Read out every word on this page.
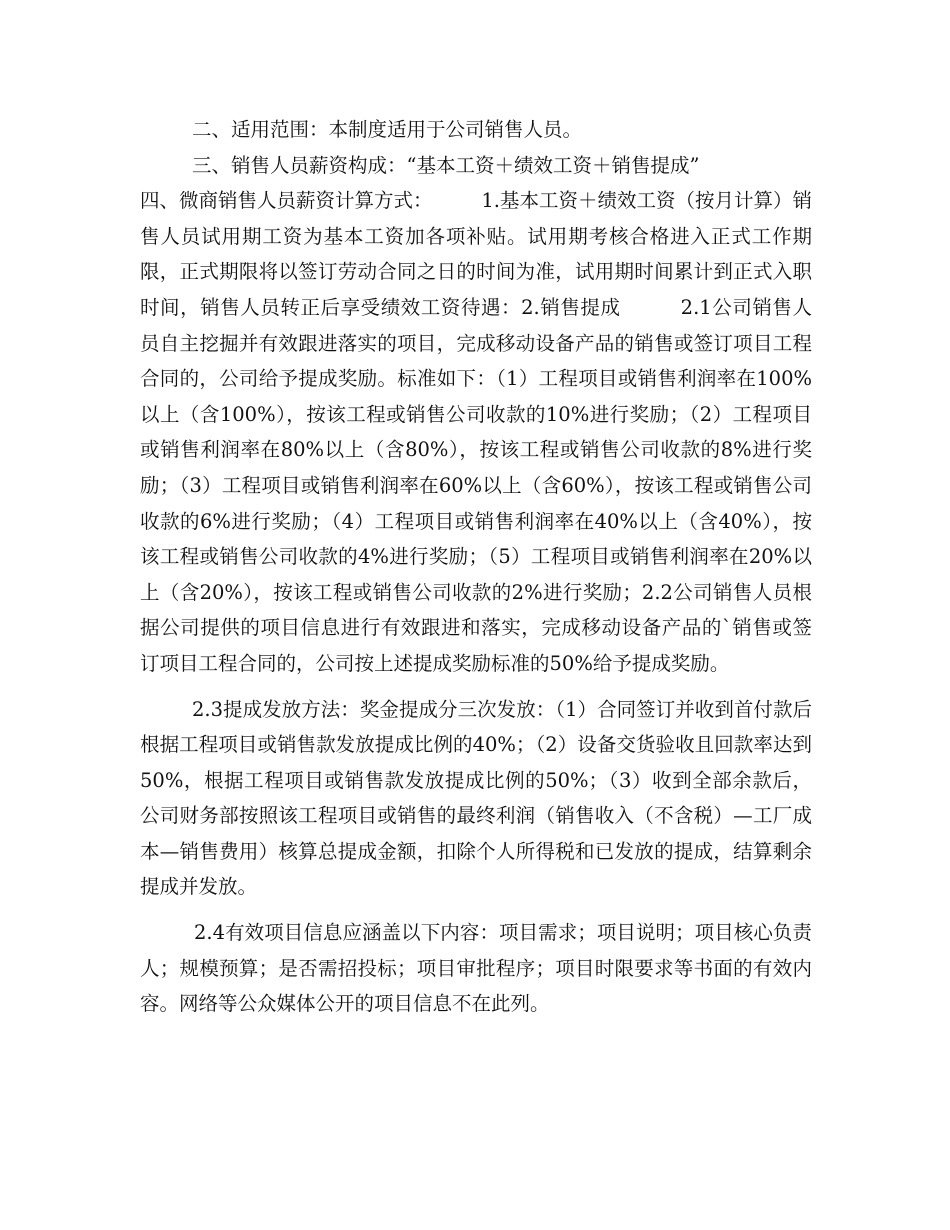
二、适用范围：本制度适用于公司销售人员。

三、销售人员薪资构成：“基本工资＋绩效工资＋销售提成”

四、微商销售人员薪资计算方式：　　　1.基本工资＋绩效工资（按月计算）销售人员试用期工资为基本工资加各项补贴。试用期考核合格进入正式工作期限，正式期限将以签订劳动合同之日的时间为准，试用期时间累计到正式入职时间，销售人员转正后享受绩效工资待遇：2.销售提成　　　2.1公司销售人员自主挖掘并有效跟进落实的项目，完成移动设备产品的销售或签订项目工程合同的，公司给予提成奖励。标准如下：（1）工程项目或销售利润率在100%以上（含100%），按该工程或销售公司收款的10%进行奖励；（2）工程项目或销售利润率在80%以上（含80%），按该工程或销售公司收款的8%进行奖励；（3）工程项目或销售利润率在60%以上（含60%），按该工程或销售公司收款的6%进行奖励；（4）工程项目或销售利润率在40%以上（含40%），按该工程或销售公司收款的4%进行奖励；（5）工程项目或销售利润率在20%以上（含20%），按该工程或销售公司收款的2%进行奖励；2.2公司销售人员根据公司提供的项目信息进行有效跟进和落实，完成移动设备产品的`销售或签订项目工程合同的，公司按上述提成奖励标准的50%给予提成奖励。

2.3提成发放方法：奖金提成分三次发放：（1）合同签订并收到首付款后根据工程项目或销售款发放提成比例的40%；（2）设备交货验收且回款率达到50%，根据工程项目或销售款发放提成比例的50%；（3）收到全部余款后，公司财务部按照该工程项目或销售的最终利润（销售收入（不含税）—工厂成本—销售费用）核算总提成金额，扣除个人所得税和已发放的提成，结算剩余提成并发放。

2.4有效项目信息应涵盖以下内容：项目需求；项目说明；项目核心负责人；规模预算；是否需招投标；项目审批程序；项目时限要求等书面的有效内容。网络等公众媒体公开的项目信息不在此列。
